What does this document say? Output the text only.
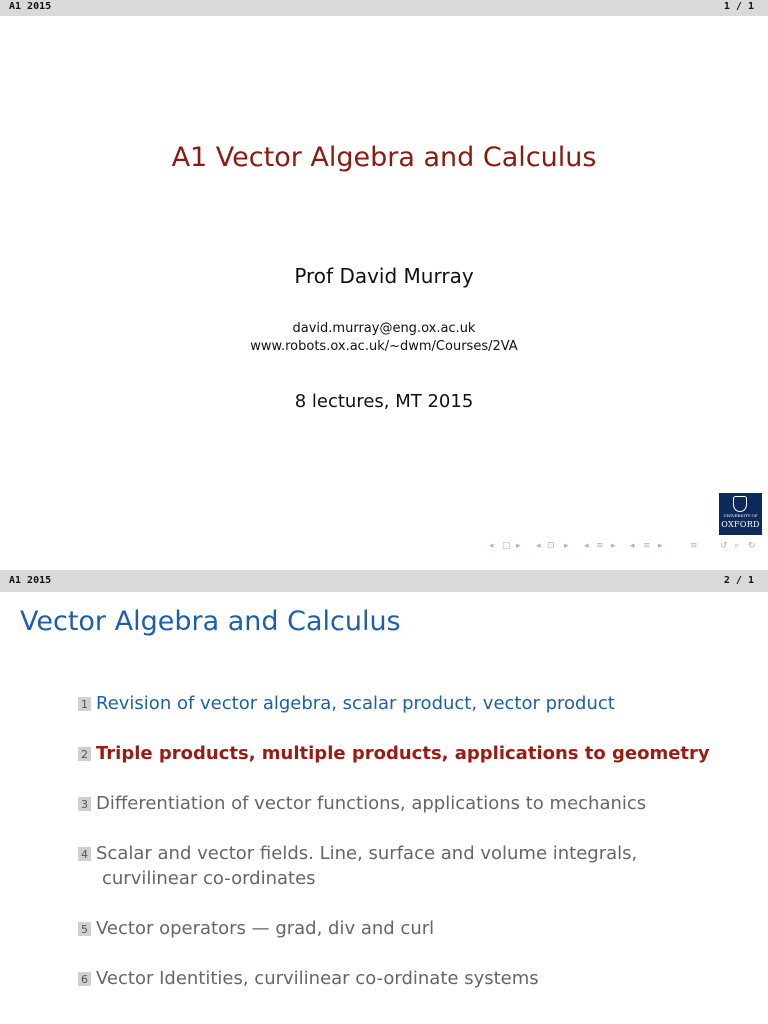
A1 2015	1 / 1
A1 Vector Algebra and Calculus
Prof David Murray
david.murray@eng.ox.ac.uk
www.robots.ox.ac.uk/~dwm/Courses/2VA
8 lectures, MT 2015
UNIVERSITY OF
OXFORD
◂ □ ▸ ◂ ⊡ ▸ ◂ ≡ ▸ ◂ ≡ ▸	≡ ↺ ⌕ ↻
A1 2015	2 / 1
Vector Algebra and Calculus
1 Revision of vector algebra, scalar product, vector product
2 Triple products, multiple products, applications to geometry
3 Differentiation of vector functions, applications to mechanics
4 Scalar and vector fields. Line, surface and volume integrals,
curvilinear co-ordinates
5 Vector operators — grad, div and curl
6 Vector Identities, curvilinear co-ordinate systems
